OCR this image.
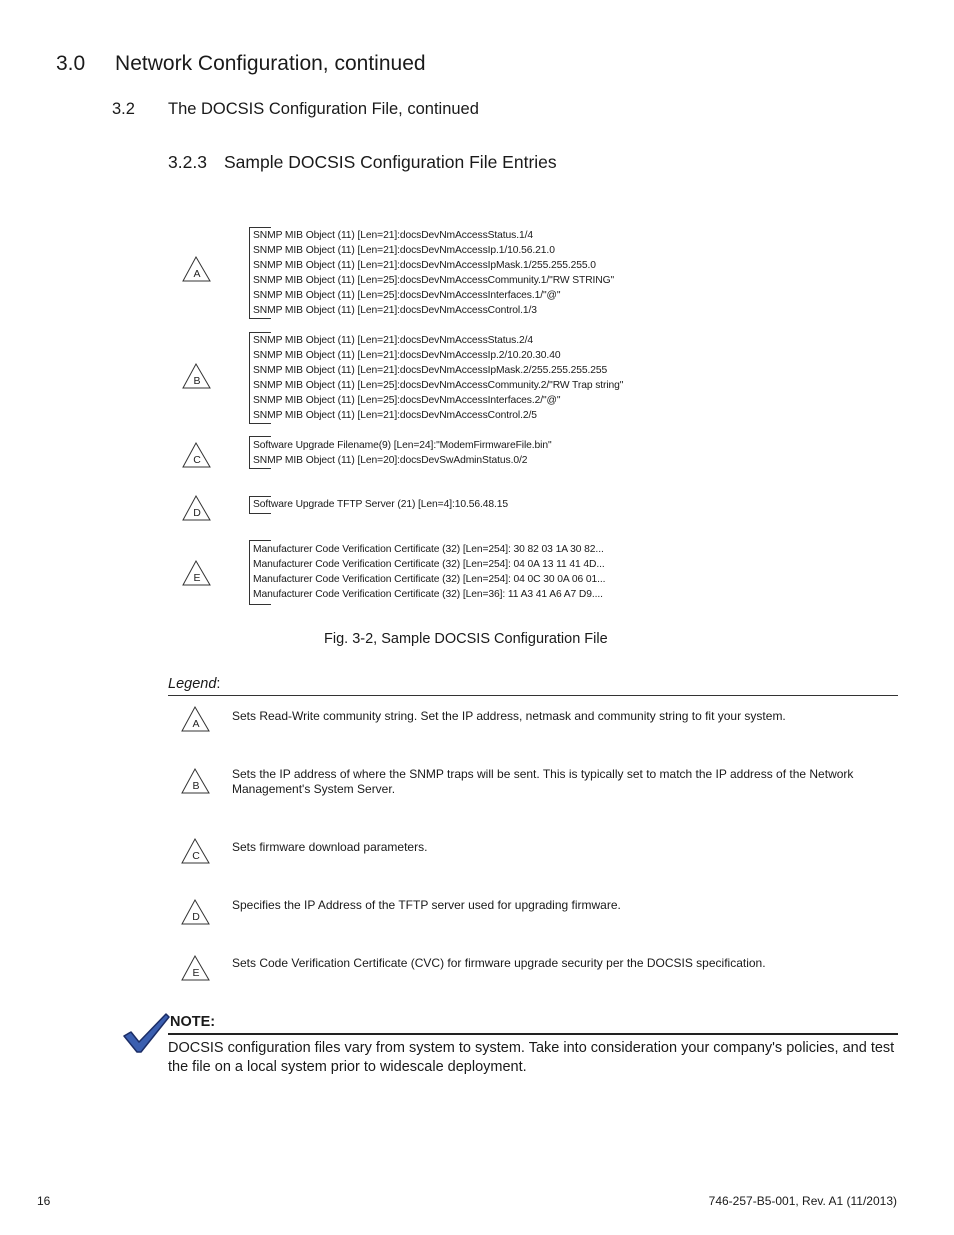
3.0 Network Configuration, continued
3.2 The DOCSIS Configuration File, continued
3.2.3 Sample DOCSIS Configuration File Entries
A
SNMP MIB Object (11) [Len=21]:docsDevNmAccessStatus.1/4
SNMP MIB Object (11) [Len=21]:docsDevNmAccessIp.1/10.56.21.0
SNMP MIB Object (11) [Len=21]:docsDevNmAccessIpMask.1/255.255.255.0
SNMP MIB Object (11) [Len=25]:docsDevNmAccessCommunity.1/"RW STRING"
SNMP MIB Object (11) [Len=25]:docsDevNmAccessInterfaces.1/"@"
SNMP MIB Object (11) [Len=21]:docsDevNmAccessControl.1/3
B
SNMP MIB Object (11) [Len=21]:docsDevNmAccessStatus.2/4
SNMP MIB Object (11) [Len=21]:docsDevNmAccessIp.2/10.20.30.40
SNMP MIB Object (11) [Len=21]:docsDevNmAccessIpMask.2/255.255.255.255
SNMP MIB Object (11) [Len=25]:docsDevNmAccessCommunity.2/"RW Trap string"
SNMP MIB Object (11) [Len=25]:docsDevNmAccessInterfaces.2/"@"
SNMP MIB Object (11) [Len=21]:docsDevNmAccessControl.2/5
C
Software Upgrade Filename(9) [Len=24]:"ModemFirmwareFile.bin"
SNMP MIB Object (11) [Len=20]:docsDevSwAdminStatus.0/2
D
Software Upgrade TFTP Server (21) [Len=4]:10.56.48.15
E
Manufacturer Code Verification Certificate (32) [Len=254]: 30 82 03 1A 30 82...
Manufacturer Code Verification Certificate (32) [Len=254]: 04 0A 13 11 41 4D...
Manufacturer Code Verification Certificate (32) [Len=254]: 04 0C 30 0A 06 01...
Manufacturer Code Verification Certificate (32) [Len=36]: 11 A3 41 A6 A7 D9....
Fig. 3-2, Sample DOCSIS Configuration File
Legend:
A
Sets Read-Write community string. Set the IP address, netmask and community string to fit your system.
B
Sets the IP address of where the SNMP traps will be sent. This is typically set to match the IP address of the Network Management's System Server.
C
Sets firmware download parameters.
D
Specifies the IP Address of the TFTP server used for upgrading firmware.
E
Sets Code Verification Certificate (CVC) for firmware upgrade security per the DOCSIS specification.
NOTE:
DOCSIS configuration files vary from system to system. Take into consideration your company's policies, and test the file on a local system prior to widescale deployment.
16	746-257-B5-001, Rev. A1 (11/2013)
